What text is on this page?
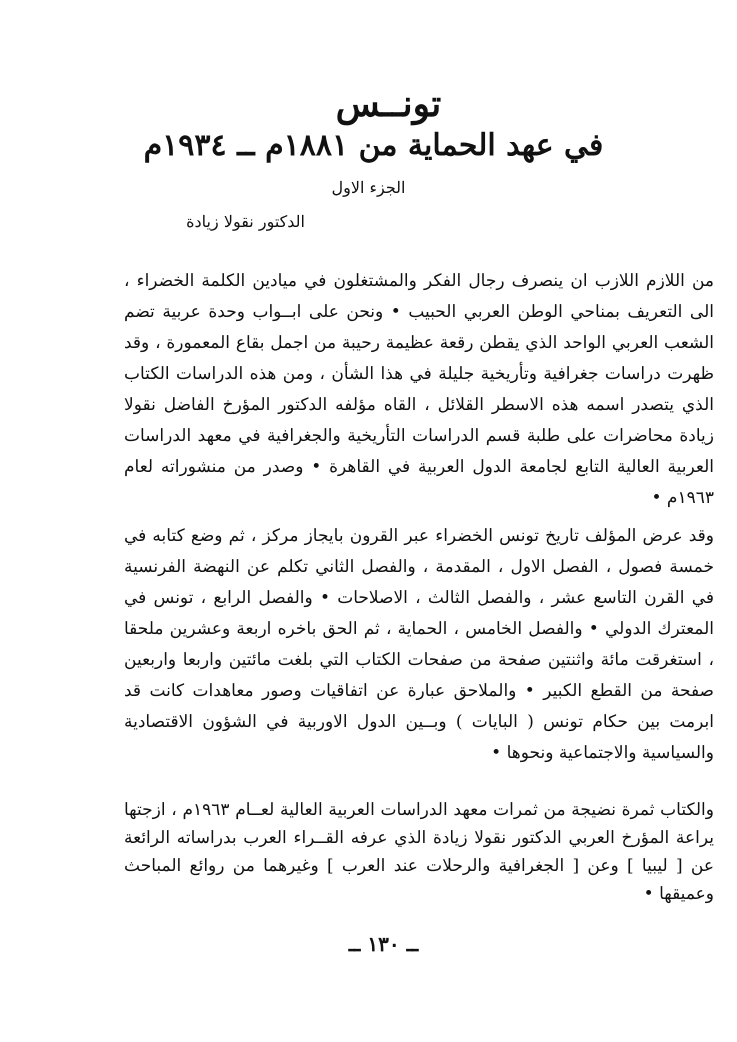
تونــس
في عهد الحماية من ١٨٨١م ــ ١٩٣٤م
الجزء الاول
الدكتور نقولا زيادة

من اللازم اللازب ان ينصرف رجال الفكر والمشتغلون في ميادين الكلمة الخضراء ، الى التعريف بمناحي الوطن العربي الحبيب • ونحن على ابــواب وحدة عربية تضم الشعب العربي الواحد الذي يقطن رقعة عظيمة رحيبة من اجمل بقاع المعمورة ، وقد ظهرت دراسات جغرافية وتأريخية جليلة في هذا الشأن ، ومن هذه الدراسات الكتاب الذي يتصدر اسمه هذه الاسطر القلائل ، القاه مؤلفه الدكتور المؤرخ الفاضل نقولا زيادة محاضرات على طلبة قسم الدراسات التأريخية والجغرافية في معهد الدراسات العربية العالية التابع لجامعة الدول العربية في القاهرة • وصدر من منشوراته لعام ١٩٦٣م •

وقد عرض المؤلف تاريخ تونس الخضراء عبر القرون بايجاز مركز ، ثم وضع كتابه في خمسة فصول ، الفصل الاول ، المقدمة ، والفصل الثاني تكلم عن النهضة الفرنسية في القرن التاسع عشر ، والفصل الثالث ، الاصلاحات • والفصل الرابع ، تونس في المعترك الدولي • والفصل الخامس ، الحماية ، ثم الحق باخره اربعة وعشرين ملحقا ، استغرقت مائة واثنتين صفحة من صفحات الكتاب التي بلغت مائتين واربعا واربعين صفحة من القطع الكبير • والملاحق عبارة عن اتفاقيات وصور معاهدات كانت قد ابرمت بين حكام تونس ( البايات ) وبــين الدول الاوربية في الشؤون الاقتصادية والسياسية والاجتماعية ونحوها •

والكتاب ثمرة نضيجة من ثمرات معهد الدراسات العربية العالية لعــام ١٩٦٣م ، ازجتها يراعة المؤرخ العربي الدكتور نقولا زيادة الذي عرفه القــراء العرب بدراساته الرائعة عن [ ليبيا ] وعن [ الجغرافية والرحلات عند العرب ] وغيرهما من روائع المباحث وعميقها •

ــ ١٣٠ ــ
